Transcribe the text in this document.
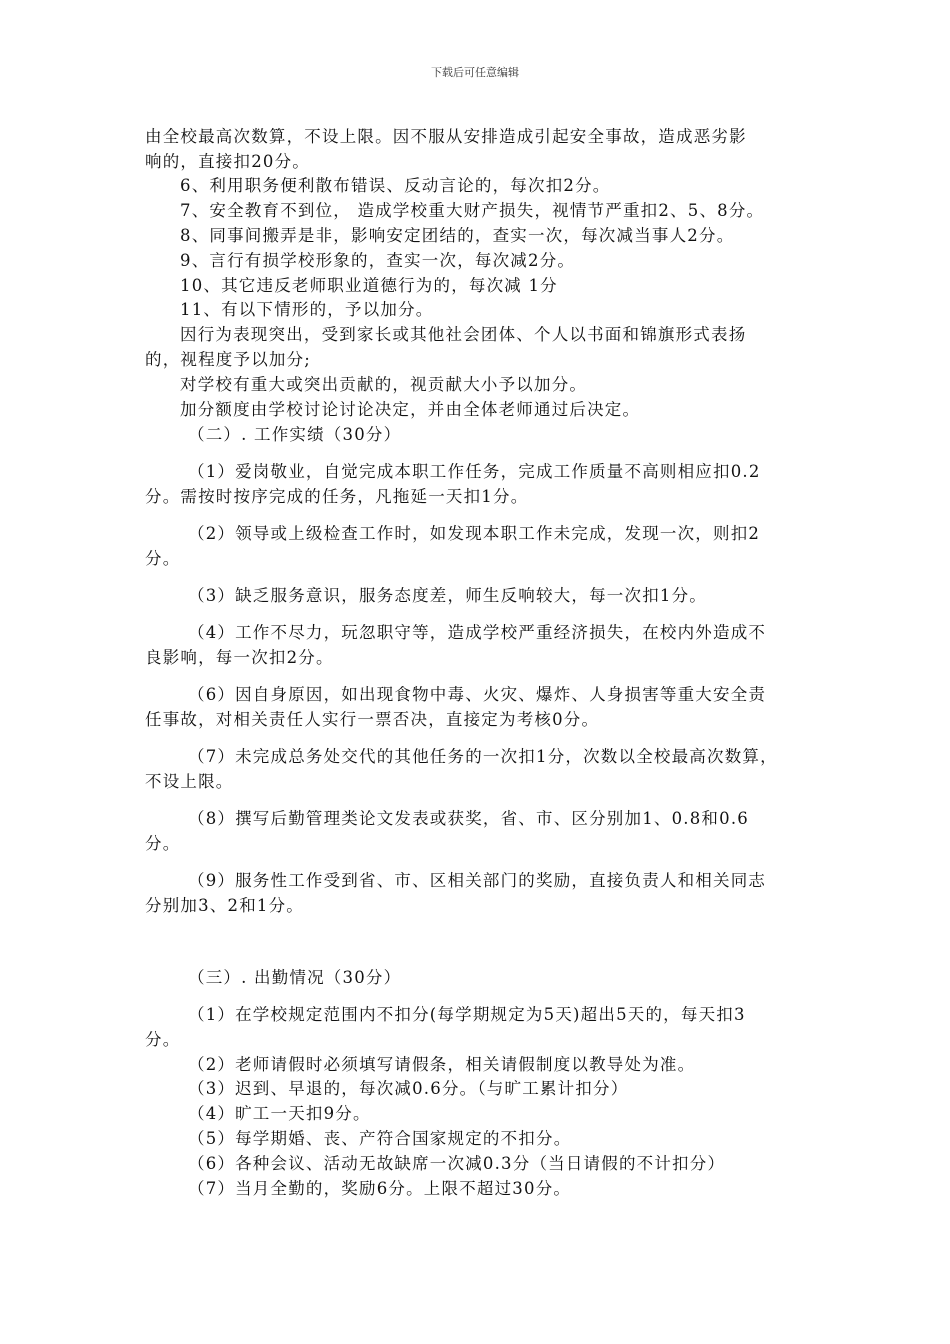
下载后可任意编辑
由全校最高次数算，不设上限。因不服从安排造成引起安全事故，造成恶劣影
响的，直接扣20分。
6、利用职务便利散布错误、反动言论的，每次扣2分。
7、安全教育不到位， 造成学校重大财产损失，视情节严重扣2、5、8分。
8、同事间搬弄是非，影响安定团结的，查实一次，每次减当事人2分。
9、言行有损学校形象的，查实一次，每次减2分。
10、其它违反老师职业道德行为的，每次减 1分
11、有以下情形的，予以加分。
因行为表现突出，受到家长或其他社会团体、个人以书面和锦旗形式表扬
的，视程度予以加分;
对学校有重大或突出贡献的，视贡献大小予以加分。
加分额度由学校讨论讨论决定，并由全体老师通过后决定。
（二）. 工作实绩（30分）
（1）爱岗敬业，自觉完成本职工作任务，完成工作质量不高则相应扣0.2
分。需按时按序完成的任务，凡拖延一天扣1分。
（2）领导或上级检查工作时，如发现本职工作未完成，发现一次，则扣2
分。
（3）缺乏服务意识，服务态度差，师生反响较大，每一次扣1分。
（4）工作不尽力，玩忽职守等，造成学校严重经济损失，在校内外造成不
良影响，每一次扣2分。
（6）因自身原因，如出现食物中毒、火灾、爆炸、人身损害等重大安全责
任事故，对相关责任人实行一票否决，直接定为考核0分。
（7）未完成总务处交代的其他任务的一次扣1分，次数以全校最高次数算，
不设上限。
（8）撰写后勤管理类论文发表或获奖，省、市、区分别加1、0.8和0.6
分。
（9）服务性工作受到省、市、区相关部门的奖励，直接负责人和相关同志
分别加3、2和1分。
（三）. 出勤情况（30分）
（1）在学校规定范围内不扣分(每学期规定为5天)超出5天的，每天扣3
分。
（2）老师请假时必须填写请假条，相关请假制度以教导处为准。
（3）迟到、早退的，每次减0.6分。（与旷工累计扣分）
（4）旷工一天扣9分。
（5）每学期婚、丧、产符合国家规定的不扣分。
（6）各种会议、活动无故缺席一次减0.3分（当日请假的不计扣分）
（7）当月全勤的，奖励6分。上限不超过30分。
